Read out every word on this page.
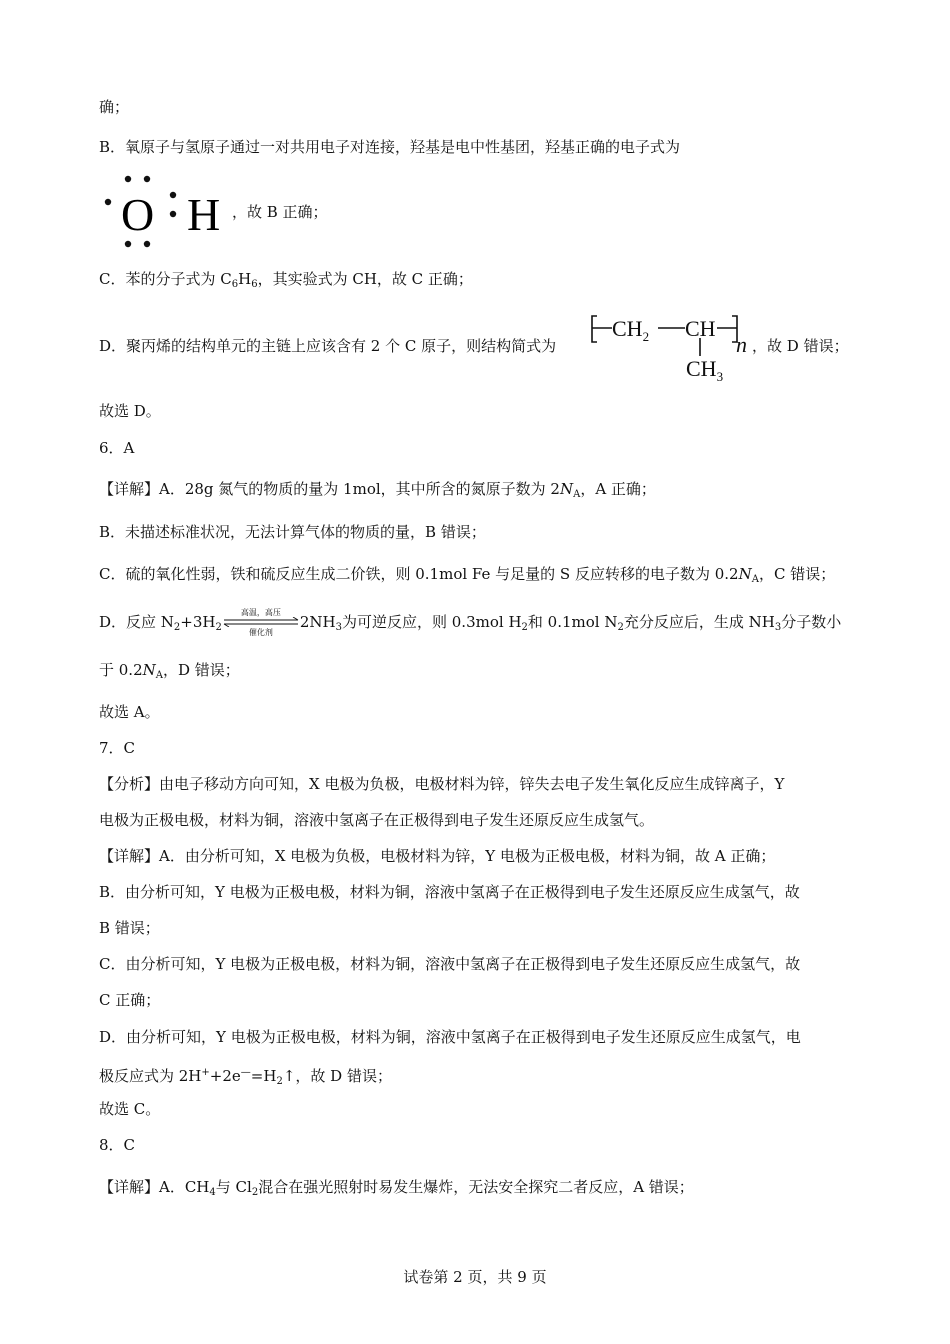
确；
B．氧原子与氢原子通过一对共用电子对连接，羟基是电中性基团，羟基正确的电子式为
O H ，故 B 正确；
C．苯的分子式为 $C_6H_6$，其实验式为 CH，故 C 正确；
D．聚丙烯的结构单元的主链上应该含有 2 个 C 原子，则结构简式为
$CH_2$ CH
$CH_3$
n ，故 D 错误；
故选 D。
6．A
【详解】A．28g 氮气的物质的量为 1mol，其中所含的氮原子数为 $2N_A$，A 正确；
B．未描述标准状况，无法计算气体的物质的量，B 错误；
C．硫的氧化性弱，铁和硫反应生成二价铁，则 0.1mol Fe 与足量的 S 反应转移的电子数为 $0.2N_A$，C 错误；
D．反应 $N_2+3H_2$
高温，高压
催化剂
$2NH_3$为可逆反应，则 0.3mol $H_2$和 0.1mol $N_2$充分反应后，生成 $NH_3$分子数小
于 $0.2N_A$，D 错误；
故选 A。
7．C
【分析】由电子移动方向可知，X 电极为负极，电极材料为锌，锌失去电子发生氧化反应生成锌离子，Y
电极为正极电极，材料为铜，溶液中氢离子在正极得到电子发生还原反应生成氢气。
【详解】A．由分析可知，X 电极为负极，电极材料为锌，Y 电极为正极电极，材料为铜，故 A 正确；
B．由分析可知，Y 电极为正极电极，材料为铜，溶液中氢离子在正极得到电子发生还原反应生成氢气，故
B 错误；
C．由分析可知，Y 电极为正极电极，材料为铜，溶液中氢离子在正极得到电子发生还原反应生成氢气，故
C 正确；
D．由分析可知，Y 电极为正极电极，材料为铜，溶液中氢离子在正极得到电子发生还原反应生成氢气，电
极反应式为 $2H^++2e^—=H_2↑$，故 D 错误；
故选 C。
8．C
【详解】A．$CH_4$与 $Cl_2$混合在强光照射时易发生爆炸，无法安全探究二者反应，A 错误；
试卷第 2 页，共 9 页
